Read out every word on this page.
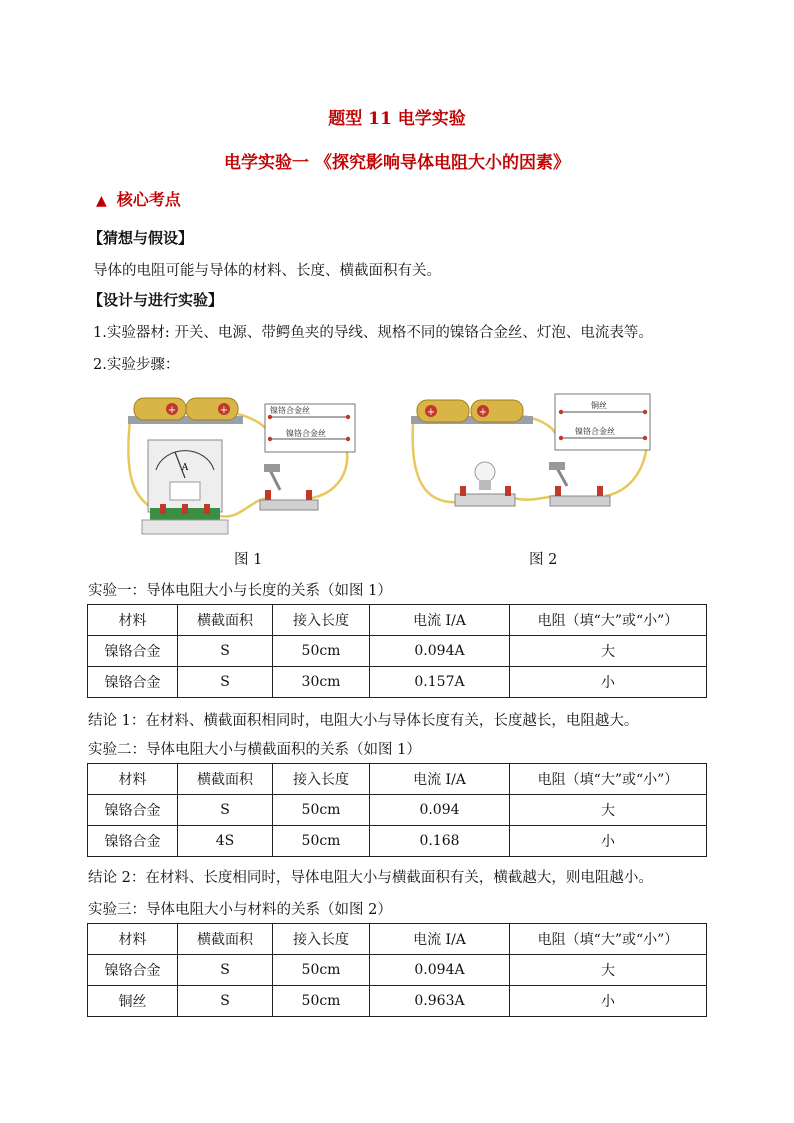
题型 11 电学实验
电学实验一 《探究影响导体电阻大小的因素》
▲ 核心考点
【猜想与假设】
导体的电阻可能与导体的材料、长度、横截面积有关。
【设计与进行实验】
1.实验器材: 开关、电源、带鳄鱼夹的导线、规格不同的镍铬合金丝、灯泡、电流表等。
2.实验步骤：
+	+	镍铬合金丝
镍铬合金丝
A
图 1
+	+
铜丝
镍铬合金丝
图 2
实验一：导体电阻大小与长度的关系（如图 1）
材料	横截面积	接入长度	电流 I/A	电阻（填“大”或“小”）
镍铬合金	S	50cm	0.094A	大
镍铬合金	S	30cm	0.157A	小
结论 1：在材料、横截面积相同时，电阻大小与导体长度有关，长度越长，电阻越大。
实验二：导体电阻大小与横截面积的关系（如图 1）
材料	横截面积	接入长度	电流 I/A	电阻（填“大”或“小”）
镍铬合金	S	50cm	0.094	大
镍铬合金	4S	50cm	0.168	小
结论 2：在材料、长度相同时，导体电阻大小与横截面积有关，横截越大，则电阻越小。
实验三：导体电阻大小与材料的关系（如图 2）
材料	横截面积	接入长度	电流 I/A	电阻（填“大”或“小”）
镍铬合金	S	50cm	0.094A	大
铜丝	S	50cm	0.963A	小
